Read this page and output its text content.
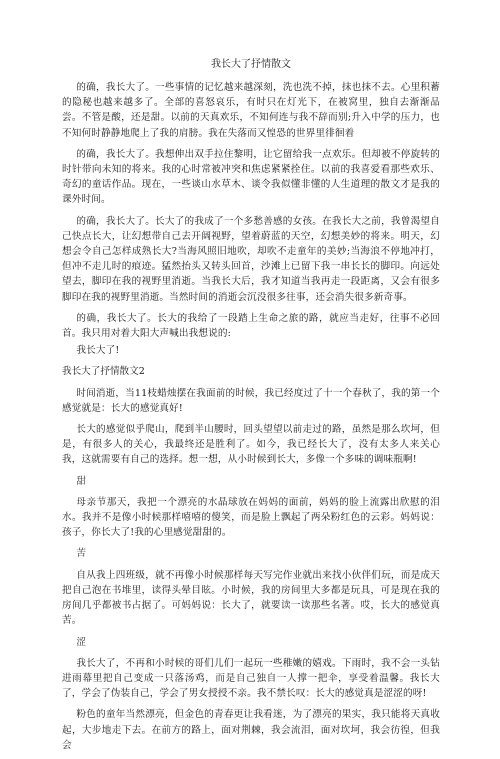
我长大了抒情散文

的确，我长大了。一些事情的记忆越来越深刻，洗也洗不掉，抹也抹不去。心里积蓄的隐秘也越来越多了。全部的喜怒哀乐，有时只在灯光下，在被窝里，独自去渐渐品尝。不管是酸，还是甜。以前的天真欢乐，不知何连与我不辞而别;升入中学的压力，也不知何时静静地爬上了我的肩膀。我在失落而又惶恐的世界里徘徊着

的确，我长大了。我想伸出双手拉住黎明，让它留给我一点欢乐。但却被不停旋转的时针带向未知的将来。我的心时常被冲突和焦虑紧紧拴住。以前的我喜爱看那些欢乐、奇幻的童话作品。现在，一些谈山水草木、谈令我似懂非懂的人生道理的散文才是我的课外时间。

的确，我长大了。长大了的我成了一个多愁善感的女孩。在我长大之前，我曾渴望自己快点长大，让幻想带自己去开阔视野，望着蔚蓝的天空，幻想美妙的将来。明天，幻想会令自己怎样成熟长大?当海风照旧地吹，却吹不走童年的美妙;当海浪不停地冲打，但冲不走儿时的痕迹。猛然抬头又转头回首，沙滩上已留下我一串长长的脚印。向远处望去，脚印在我的视野里消逝。当我长大后，我才知道当我再走一段距离，又会有很多脚印在我的视野里消逝。当然时间的消逝会沉没很多往事，还会消失很多新奇事。

的确，我长大了。长大的我给了一段踏上生命之旅的路，就应当走好，往事不必回首。我只用对着大阳大声喊出我想说的:

我长大了!

我长大了抒情散文2

时间消逝，当11枝蜡烛摆在我面前的时候，我已经度过了十一个春秋了，我的第一个感觉就是：长大的感觉真好!

长大的感觉似乎爬山，爬到半山腰时，回头望望以前走过的路，虽然是那么坎坷，但是，有很多人的关心，我最终还是胜利了。如今，我已经长大了，没有太多人来关心我，这就需要有自己的选择。想一想，从小时候到长大，多像一个多味的调味瓶啊!

甜

母亲节那天，我把一个漂亮的水晶球放在妈妈的面前，妈妈的脸上流露出欣慰的泪水。我并不是像小时候那样嘻嘻的傻笑，而是脸上飘起了两朵粉红色的云彩。妈妈说：孩子，你长大了!我的心里感觉甜甜的。

苦

自从我上四班级，就不再像小时候那样每天写完作业就出来找小伙伴们玩，而是成天把自己泡在书堆里，读得头晕目眩。小时候，我的房间里大多都是玩具，可是现在我的房间几乎都被书占据了。可妈妈说：长大了，就要读一读那些名著。哎，长大的感觉真苦。

涩

我长大了，不再和小时候的哥们儿们一起玩一些稚嫩的嬉戏。下雨时，我不会一头钻进雨幕里把自己变成一只落汤鸡，而是自己独自一人撑一把伞，享受着温馨。我长大了，学会了伪装自己，学会了男女授授不亲。我不禁长叹：长大的感觉真是涩涩的呀!

粉色的童年当然漂亮，但金色的青春更让我看迷，为了漂亮的果实，我只能将天真收起，大步地走下去。在前方的路上，面对荆棘，我会流泪，面对坎坷，我会彷徨，但我会
